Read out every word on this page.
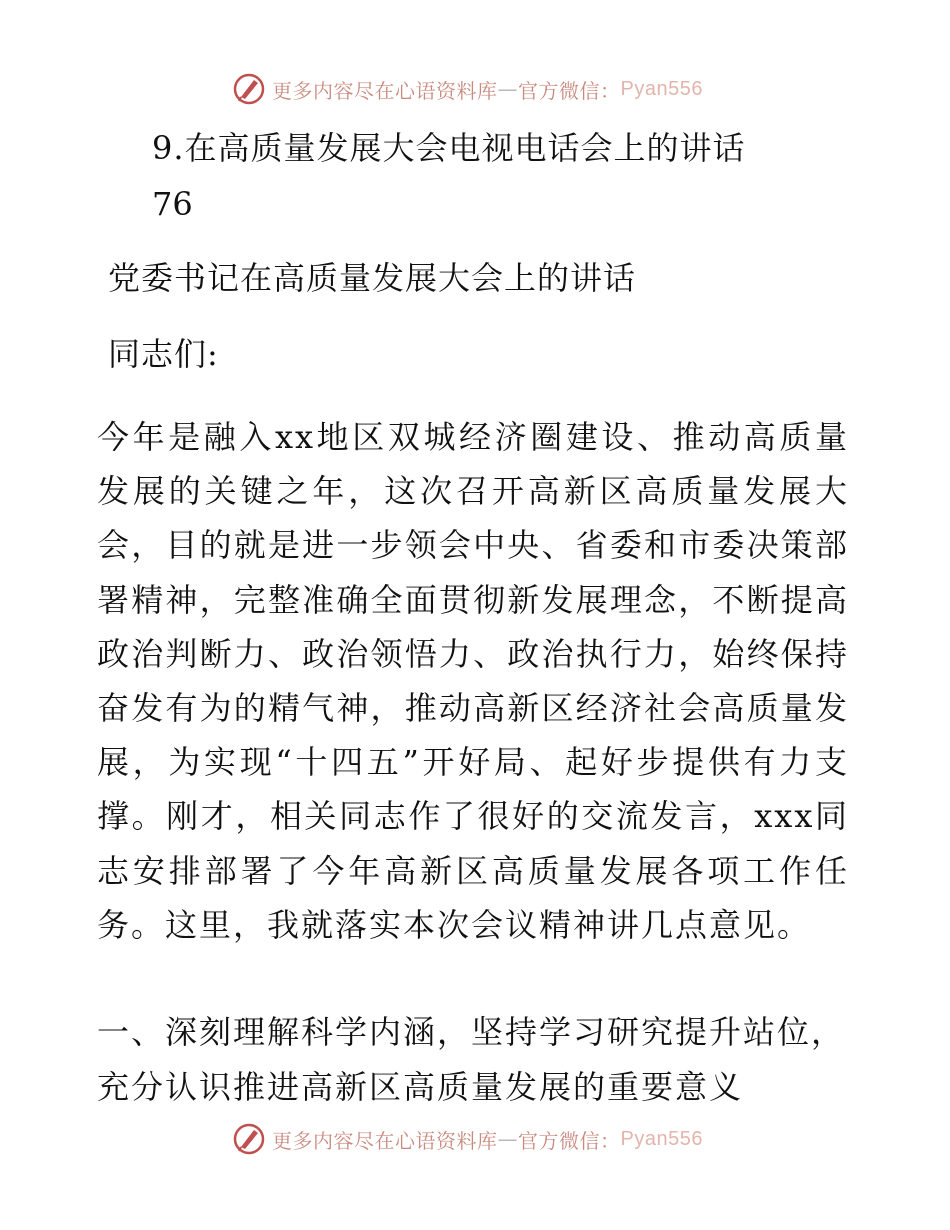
更多内容尽在心语资料库 — 官方微信： Pyan556
9.在高质量发展大会电视电话会上的讲话
76
党委书记在高质量发展大会上的讲话
同志们:

今年是融入xx地区双城经济圈建设、推动高质量发展的关键之年，这次召开高新区高质量发展大会，目的就是进一步领会中央、省委和市委决策部署精神，完整准确全面贯彻新发展理念，不断提高政治判断力、政治领悟力、政治执行力，始终保持奋发有为的精气神，推动高新区经济社会高质量发展，为实现“十四五”开好局、起好步提供有力支撑。刚才，相关同志作了很好的交流发言，xxx同志安排部署了今年高新区高质量发展各项工作任务。这里，我就落实本次会议精神讲几点意见。

一、深刻理解科学内涵，坚持学习研究提升站位，充分认识推进高新区高质量发展的重要意义

更多内容尽在心语资料库 — 官方微信： Pyan556
